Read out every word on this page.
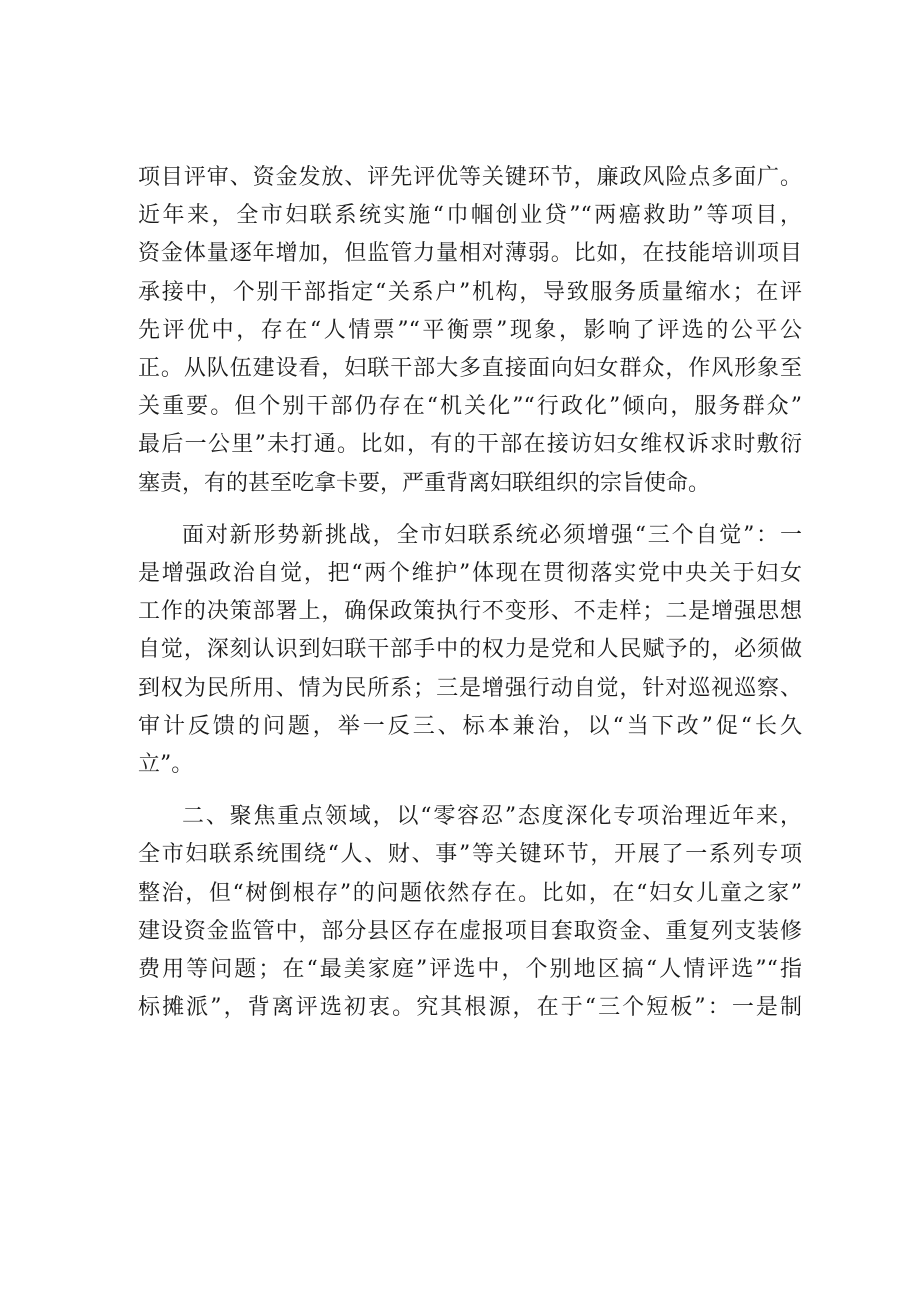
项目评审、资金发放、评先评优等关键环节，廉政风险点多面广。
近年来，全市妇联系统实施“巾帼创业贷”“两癌救助”等项目，
资金体量逐年增加，但监管力量相对薄弱。比如，在技能培训项目
承接中，个别干部指定“关系户”机构，导致服务质量缩水；在评
先评优中，存在“人情票”“平衡票”现象，影响了评选的公平公
正。从队伍建设看，妇联干部大多直接面向妇女群众，作风形象至
关重要。但个别干部仍存在“机关化”“行政化”倾向，服务群众”
最后一公里”未打通。比如，有的干部在接访妇女维权诉求时敷衍
塞责，有的甚至吃拿卡要，严重背离妇联组织的宗旨使命。
面对新形势新挑战，全市妇联系统必须增强“三个自觉”：一
是增强政治自觉，把“两个维护”体现在贯彻落实党中央关于妇女
工作的决策部署上，确保政策执行不变形、不走样；二是增强思想
自觉，深刻认识到妇联干部手中的权力是党和人民赋予的，必须做
到权为民所用、情为民所系；三是增强行动自觉，针对巡视巡察、
审计反馈的问题，举一反三、标本兼治，以“当下改”促“长久
立”。
二、聚焦重点领域，以“零容忍”态度深化专项治理近年来，
全市妇联系统围绕“人、财、事”等关键环节，开展了一系列专项
整治，但“树倒根存”的问题依然存在。比如，在“妇女儿童之家”
建设资金监管中，部分县区存在虚报项目套取资金、重复列支装修
费用等问题；在“最美家庭”评选中，个别地区搞“人情评选”“指
标摊派”，背离评选初衷。究其根源，在于“三个短板”：一是制
